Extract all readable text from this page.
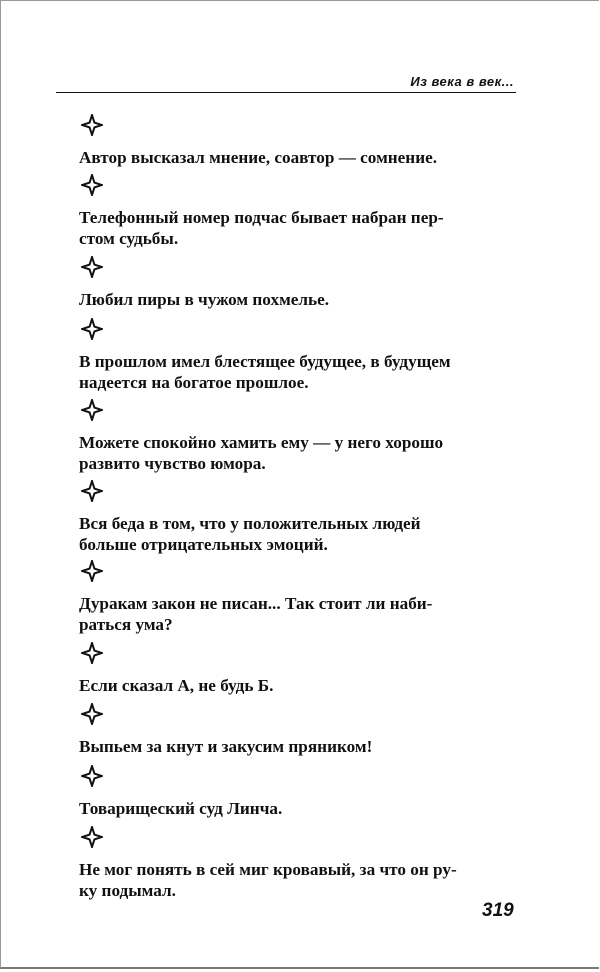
Из века в век...
Автор высказал мнение, соавтор — сомнение.
Телефонный номер подчас бывает набран пер-
стом судьбы.
Любил пиры в чужом похмелье.
В прошлом имел блестящее будущее, в будущем
надеется на богатое прошлое.
Можете спокойно хамить ему — у него хорошо
развито чувство юмора.
Вся беда в том, что у положительных людей
больше отрицательных эмоций.
Дуракам закон не писан... Так стоит ли наби-
раться ума?
Если сказал А, не будь Б.
Выпьем за кнут и закусим пряником!
Товарищеский суд Линча.
Не мог понять в сей миг кровавый, за что он ру-
ку подымал.
319
